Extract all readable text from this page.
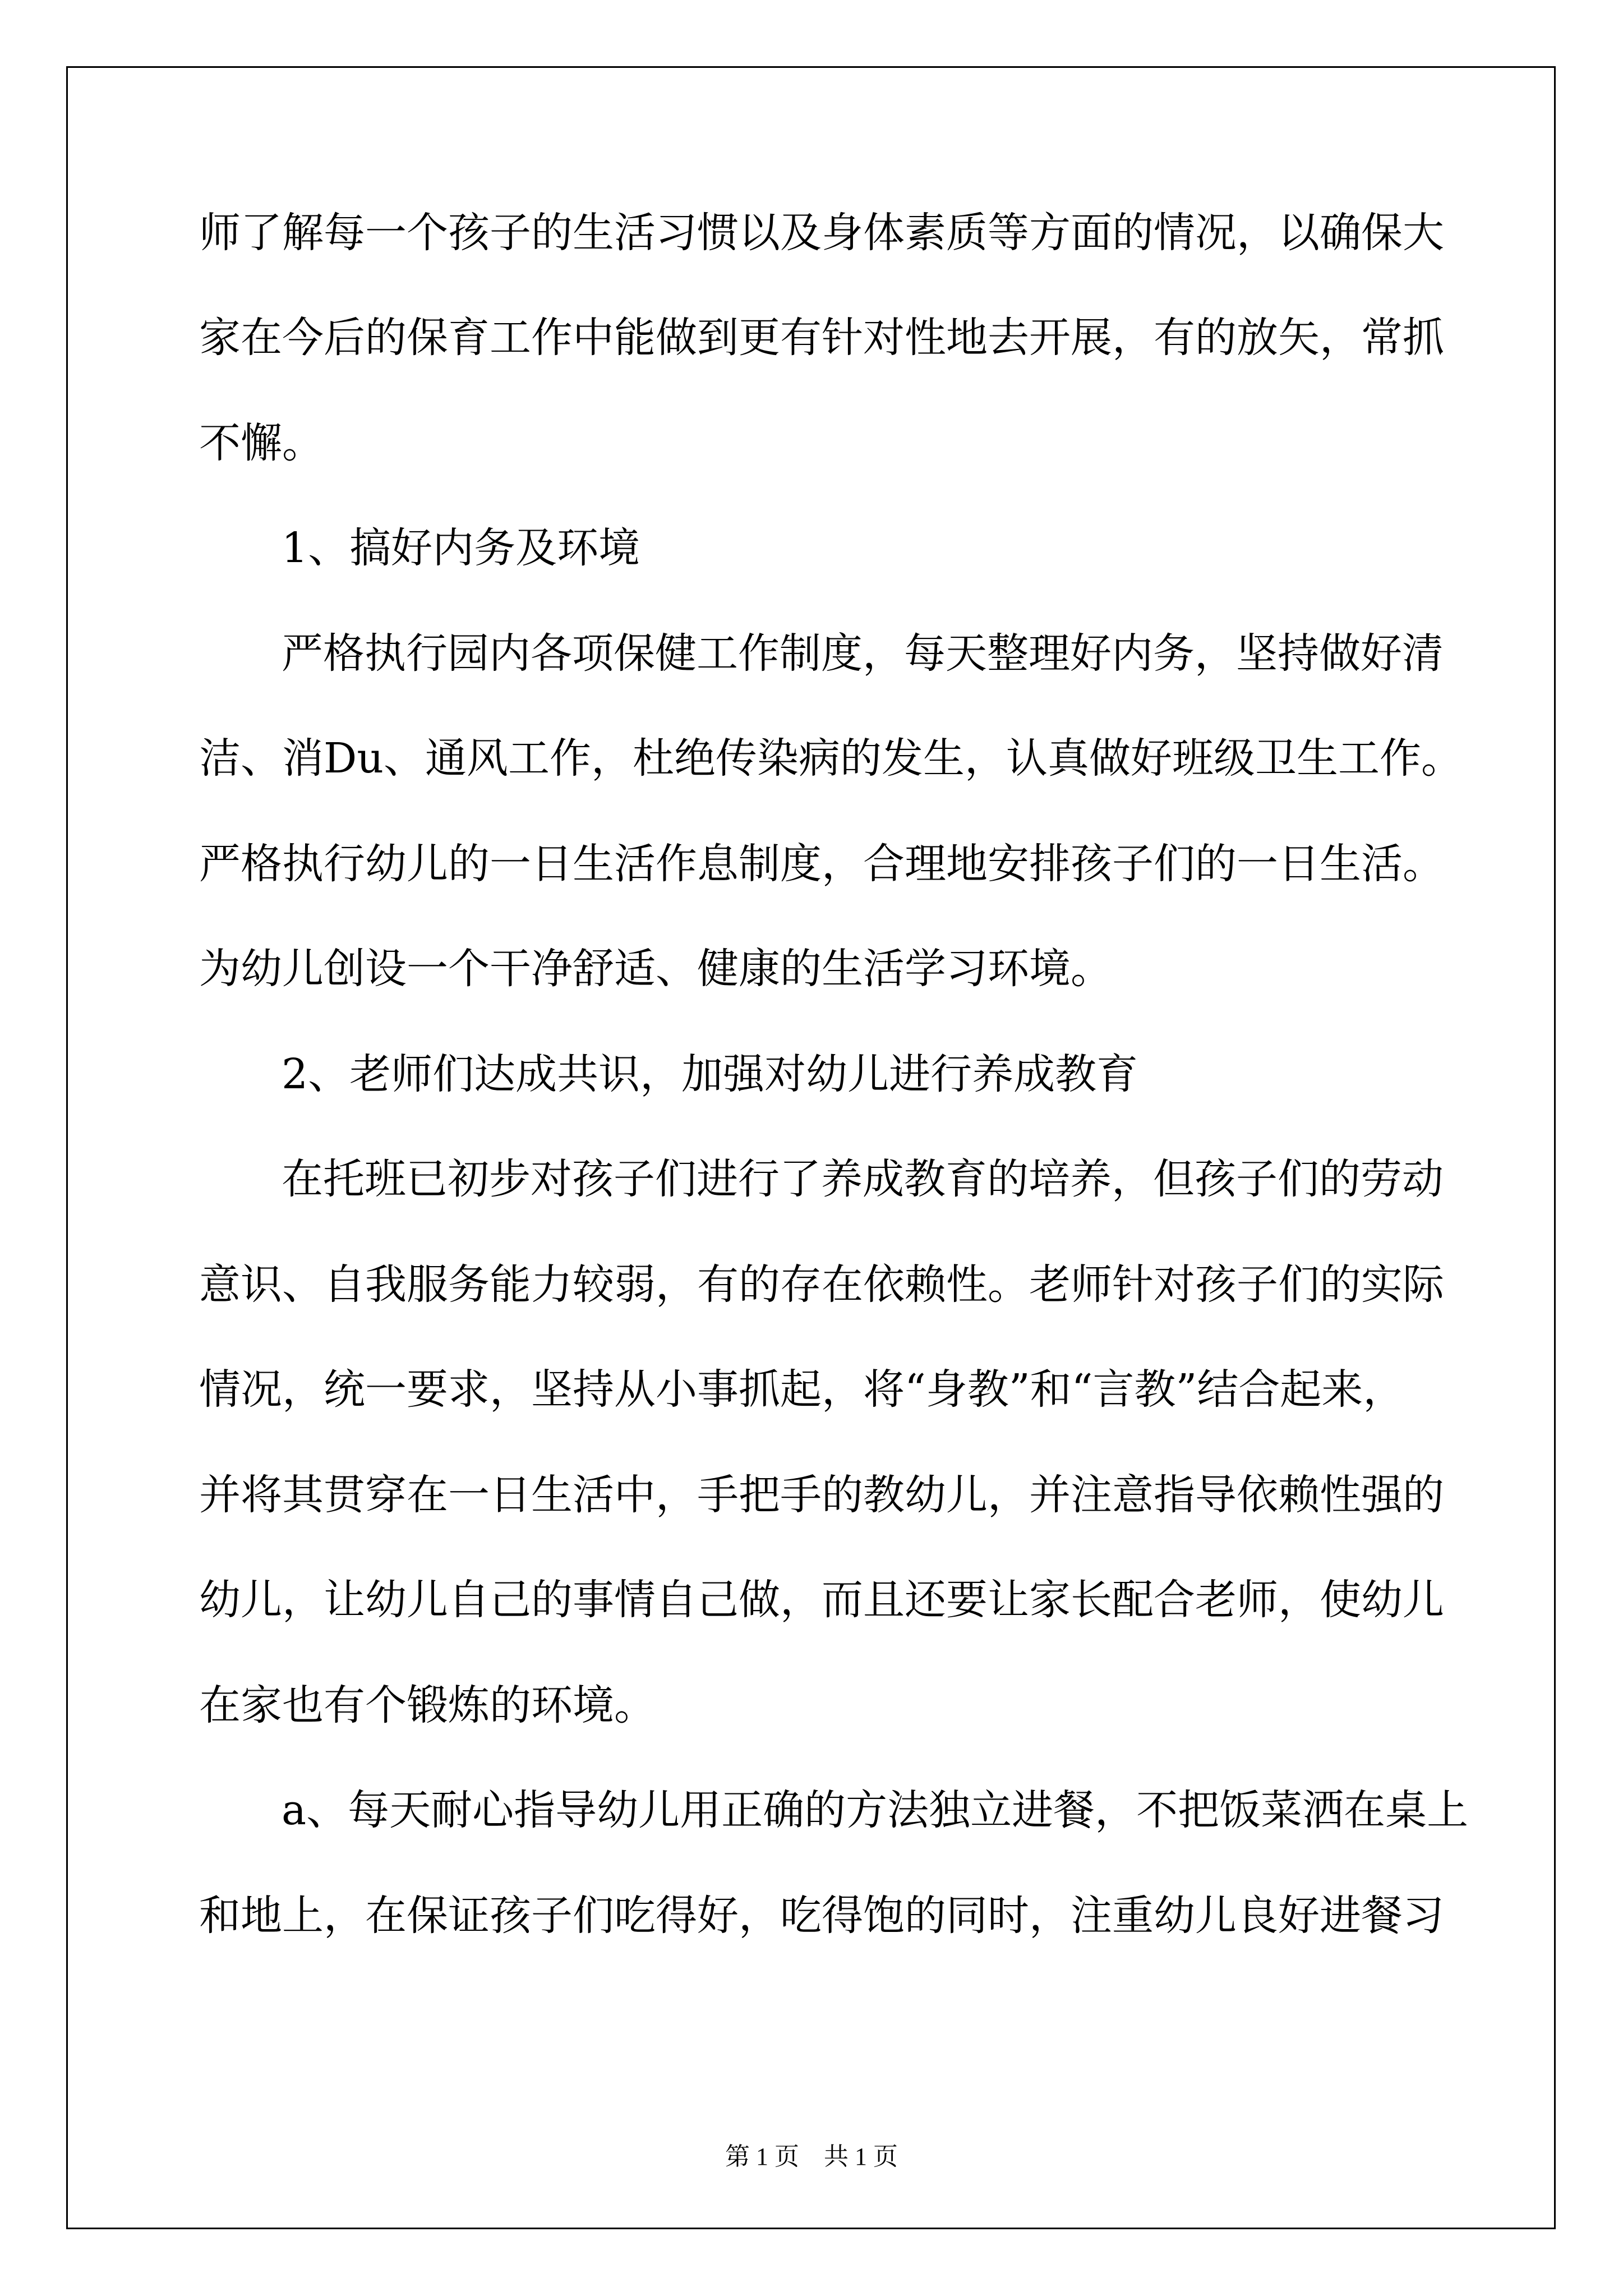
师了解每一个孩子的生活习惯以及身体素质等方面的情况，以确保大
家在今后的保育工作中能做到更有针对性地去开展，有的放矢，常抓
不懈。
1、搞好内务及环境
严格执行园内各项保健工作制度，每天整理好内务，坚持做好清
洁、消Du、通风工作，杜绝传染病的发生，认真做好班级卫生工作。
严格执行幼儿的一日生活作息制度，合理地安排孩子们的一日生活。
为幼儿创设一个干净舒适、健康的生活学习环境。
2、老师们达成共识，加强对幼儿进行养成教育
在托班已初步对孩子们进行了养成教育的培养，但孩子们的劳动
意识、自我服务能力较弱，有的存在依赖性。老师针对孩子们的实际
情况，统一要求，坚持从小事抓起，将“身教”和“言教”结合起来，
并将其贯穿在一日生活中，手把手的教幼儿，并注意指导依赖性强的
幼儿，让幼儿自己的事情自己做，而且还要让家长配合老师，使幼儿
在家也有个锻炼的环境。
a、每天耐心指导幼儿用正确的方法独立进餐，不把饭菜洒在桌上
和地上，在保证孩子们吃得好，吃得饱的同时，注重幼儿良好进餐习
第 1 页　共 1 页
